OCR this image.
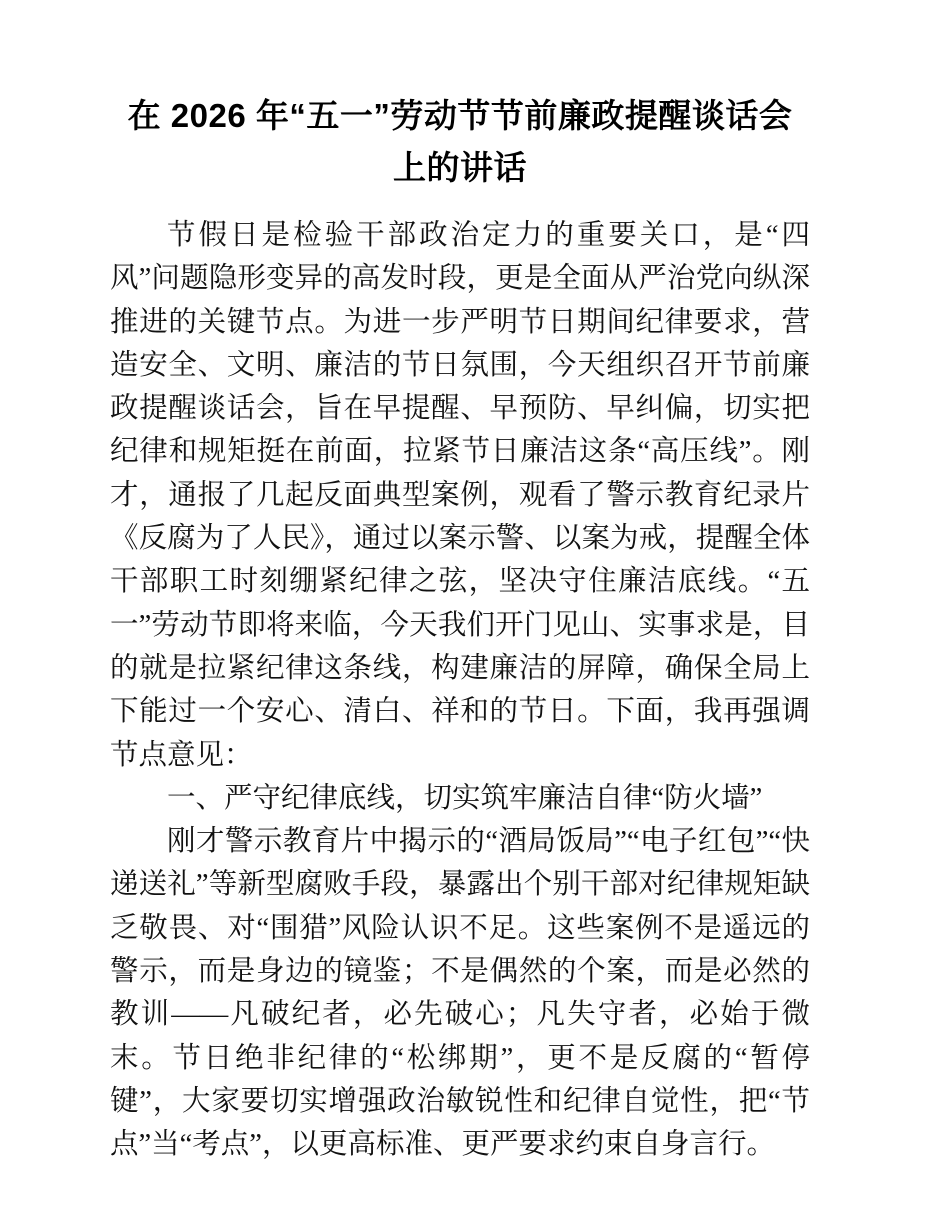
在 2026 年“五一”劳动节节前廉政提醒谈话会
上的讲话

节假日是检验干部政治定力的重要关口，是“四风”问题隐形变异的高发时段，更是全面从严治党向纵深推进的关键节点。为进一步严明节日期间纪律要求，营造安全、文明、廉洁的节日氛围，今天组织召开节前廉政提醒谈话会，旨在早提醒、早预防、早纠偏，切实把纪律和规矩挺在前面，拉紧节日廉洁这条“高压线”。刚才，通报了几起反面典型案例，观看了警示教育纪录片《反腐为了人民》，通过以案示警、以案为戒，提醒全体干部职工时刻绷紧纪律之弦，坚决守住廉洁底线。“五一”劳动节即将来临，今天我们开门见山、实事求是，目的就是拉紧纪律这条线，构建廉洁的屏障，确保全局上下能过一个安心、清白、祥和的节日。下面，我再强调节点意见：

一、严守纪律底线，切实筑牢廉洁自律“防火墙”

刚才警示教育片中揭示的“酒局饭局”“电子红包”“快递送礼”等新型腐败手段，暴露出个别干部对纪律规矩缺乏敬畏、对“围猎”风险认识不足。这些案例不是遥远的警示，而是身边的镜鉴；不是偶然的个案，而是必然的教训——凡破纪者，必先破心；凡失守者，必始于微末。节日绝非纪律的“松绑期”，更不是反腐的“暂停键”，大家要切实增强政治敏锐性和纪律自觉性，把“节点”当“考点”，以更高标准、更严要求约束自身言行。
